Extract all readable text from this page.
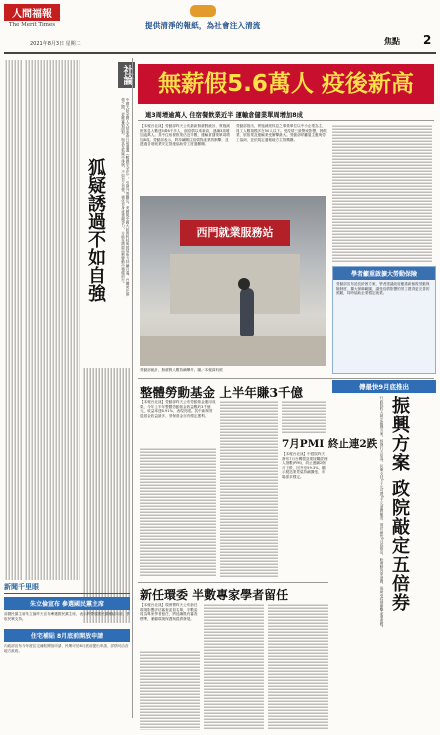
人間福報
The Merit Times
2021年8月3日 星期二
提供清淨的報紙，為社會注入清流
焦點 2
社論
狐疑誘過不如自強	中國大陸全國人大常委會日前通過《數據安全法》，引發外界關注。美國與中國大陸的科技與貿易角力持續升溫，台灣夾在兩強之間，更應審慎面對。與其在狐疑中徘徊，不如自立自強，強化自身產業競爭力，方能在國際局勢變動中穩健前行。
無薪假5.6萬人 疫後新高
連3周增逾萬人 住宿餐飲業近半 運輸倉儲業單周增加8成
【本報台北訊】勞動部昨天公布最新無薪假統計，實施減班休息人數達5萬6千多人，創疫情以來新高，連續3周增加逾萬人。其中住宿餐飲業佔近半數，運輸倉儲業單周增加8成。勞動部表示，將持續關注疫情對產業的衝擊，並透過各項就業安定措施協助勞工度過難關。
勞動部指出，實施減班休息之事業單位以中小企業為主，員工人數規模多在50人以下。受疫情三級警戒影響，餐飲業、旅宿業及運輸業受衝擊最大。勞動部呼籲雇主應與勞工協商，並依規定通報地方主管機關。
西門就業服務站
勞動部統計，無薪假人數持續攀升。圖／本報資料照
學者籲重啟擴大勞動保險
勞動部宣布延長紓困方案，學者建議政府應重新檢視勞動保險制度，擴大保障範圍，讓受疫情影響的勞工獲得更完善的照顧，同時協助企業穩定就業。
整體勞動基金 上半年賺3千億
【本報台北訊】勞動部昨天公布勞動基金運用成果，今年上半年整體勞動基金收益數約3千億元，收益率達6.91%，表現亮眼。其中新制勞退基金收益最多，勞保基金亦有穩定獲利。
7月PMI 終止連2跌
【本報台北訊】中經院昨天發布7月台灣製造業採購經理人指數(PMI)，終止連續2個月下跌，回升至59.3%，顯示製造業景氣持續擴張，市場需求穩定。
新任環委 半數專家學者留任
【本報台北訊】環保署昨天公布新任環境影響評估審查委員名單，半數委員為專家學者留任，將延續既有審查標準，兼顧環境保護與經濟發展。
傳最快9月底推出
振興方案 政院敲定五倍券
行政院昨天敲定振興方案，將發行五倍券，民眾支付1千元可獲5千元消費額度，預計最快9月底推出，盼帶動內需消費，協助受疫情衝擊產業復甦。
新聞千里眼
朱立倫宣布 參選國民黨主席
前國民黨主席朱立倫昨天宣布參選國民黨主席，表示將帶領國民黨團結向前，爭取民眾支持。
住宅補貼 8月底前開放申請
內政部宣布今年度住宅補貼開放申請，民眾可於8月底前提出申請，詳情可洽各地方政府。
